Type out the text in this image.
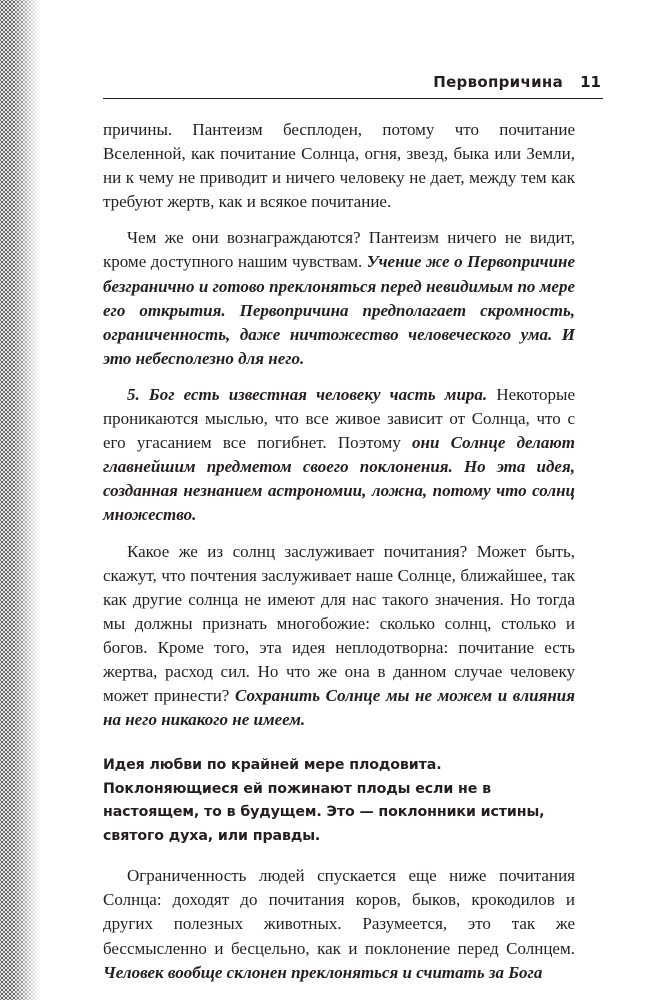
Первопричина 11

причины. Пантеизм бесплоден, потому что почитание Вселенной, как почитание Солнца, огня, звезд, быка или Земли, ни к чему не приводит и ничего человеку не дает, между тем как требуют жертв, как и всякое почитание.

Чем же они вознаграждаются? Пантеизм ничего не видит, кроме доступного нашим чувствам. Учение же о Первопричине безгранично и готово преклоняться перед невидимым по мере его открытия. Первопричина предполагает скромность, ограниченность, даже ничтожество человеческого ума. И это небесполезно для него.

5. Бог есть известная человеку часть мира. Некоторые проникаются мыслью, что все живое зависит от Солнца, что с его угасанием все погибнет. Поэтому они Солнце делают главнейшим предметом своего поклонения. Но эта идея, созданная незнанием астрономии, ложна, потому что солнц множество.

Какое же из солнц заслуживает почитания? Может быть, скажут, что почтения заслуживает наше Солнце, ближайшее, так как другие солнца не имеют для нас такого значения. Но тогда мы должны признать многобожие: сколько солнц, столько и богов. Кроме того, эта идея неплодотворна: почитание есть жертва, расход сил. Но что же она в данном случае человеку может принести? Сохранить Солнце мы не можем и влияния на него никакого не имеем.

Идея любви по крайней мере плодовита. Поклоняющиеся ей пожинают плоды если не в настоящем, то в будущем. Это — поклонники истины, святого духа, или правды.

Ограниченность людей спускается еще ниже почитания Солнца: доходят до почитания коров, быков, крокодилов и других полезных животных. Разумеется, это так же бессмысленно и бесцельно, как и поклонение перед Солнцем. Человек вообще склонен преклоняться и считать за Бога
